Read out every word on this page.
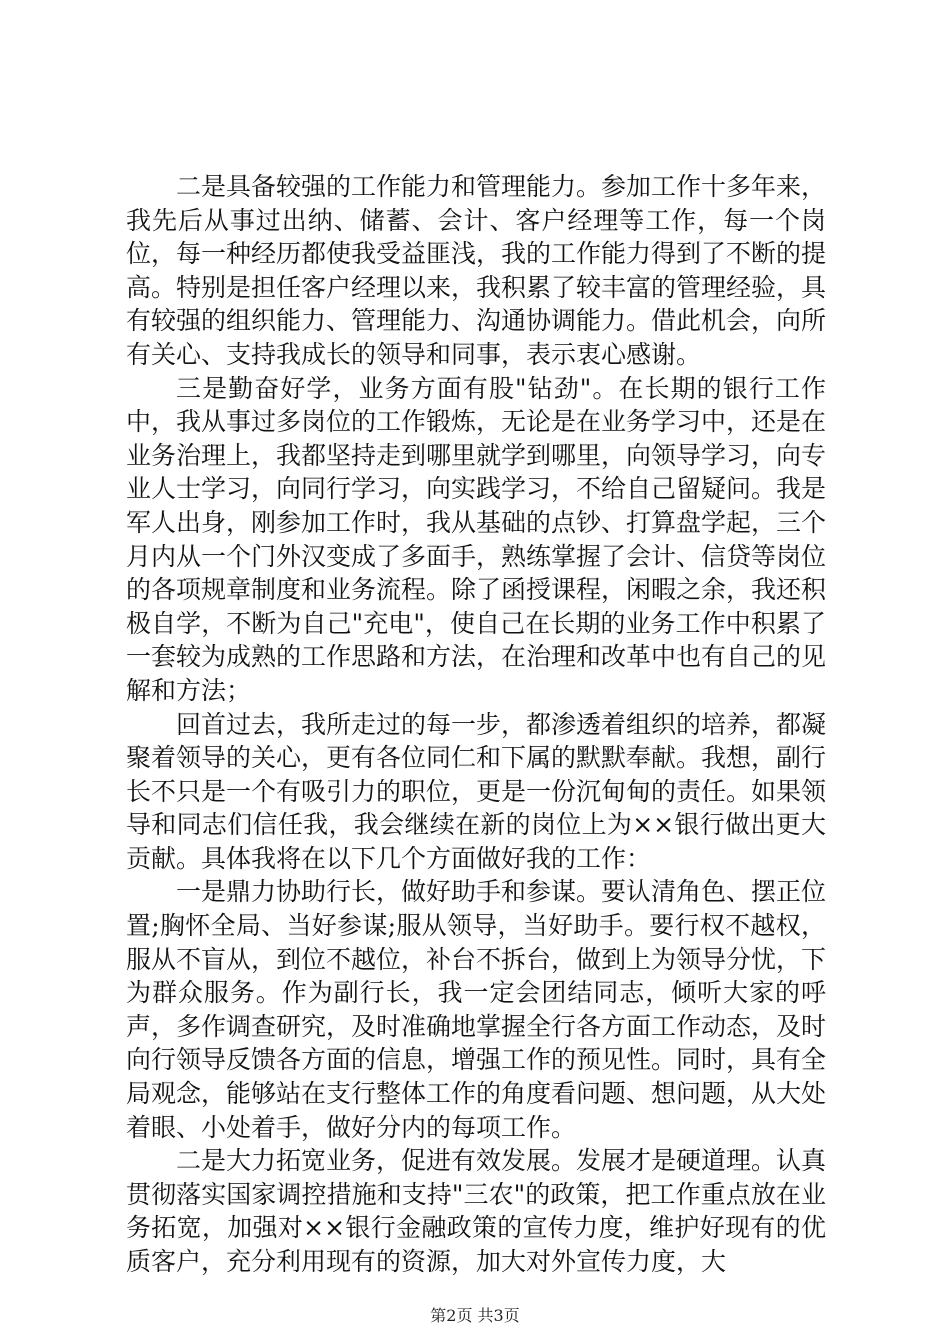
二是具备较强的工作能力和管理能力。参加工作十多年来，我先后从事过出纳、储蓄、会计、客户经理等工作，每一个岗位，每一种经历都使我受益匪浅，我的工作能力得到了不断的提高。特别是担任客户经理以来，我积累了较丰富的管理经验，具有较强的组织能力、管理能力、沟通协调能力。借此机会，向所有关心、支持我成长的领导和同事，表示衷心感谢。

三是勤奋好学，业务方面有股"钻劲"。在长期的银行工作中，我从事过多岗位的工作锻炼，无论是在业务学习中，还是在业务治理上，我都坚持走到哪里就学到哪里，向领导学习，向专业人士学习，向同行学习，向实践学习，不给自己留疑问。我是军人出身，刚参加工作时，我从基础的点钞、打算盘学起，三个月内从一个门外汉变成了多面手，熟练掌握了会计、信贷等岗位的各项规章制度和业务流程。除了函授课程，闲暇之余，我还积极自学，不断为自己"充电"，使自己在长期的业务工作中积累了一套较为成熟的工作思路和方法，在治理和改革中也有自己的见解和方法；

回首过去，我所走过的每一步，都渗透着组织的培养，都凝聚着领导的关心，更有各位同仁和下属的默默奉献。我想，副行长不只是一个有吸引力的职位，更是一份沉甸甸的责任。如果领导和同志们信任我，我会继续在新的岗位上为××银行做出更大贡献。具体我将在以下几个方面做好我的工作：

一是鼎力协助行长，做好助手和参谋。要认清角色、摆正位置;胸怀全局、当好参谋;服从领导，当好助手。要行权不越权，服从不盲从，到位不越位，补台不拆台，做到上为领导分忧，下为群众服务。作为副行长，我一定会团结同志，倾听大家的呼声，多作调查研究，及时准确地掌握全行各方面工作动态，及时向行领导反馈各方面的信息，增强工作的预见性。同时，具有全局观念，能够站在支行整体工作的角度看问题、想问题，从大处着眼、小处着手，做好分内的每项工作。

二是大力拓宽业务，促进有效发展。发展才是硬道理。认真贯彻落实国家调控措施和支持"三农"的政策，把工作重点放在业务拓宽，加强对××银行金融政策的宣传力度，维护好现有的优质客户，充分利用现有的资源，加大对外宣传力度，大

第2页 共3页
